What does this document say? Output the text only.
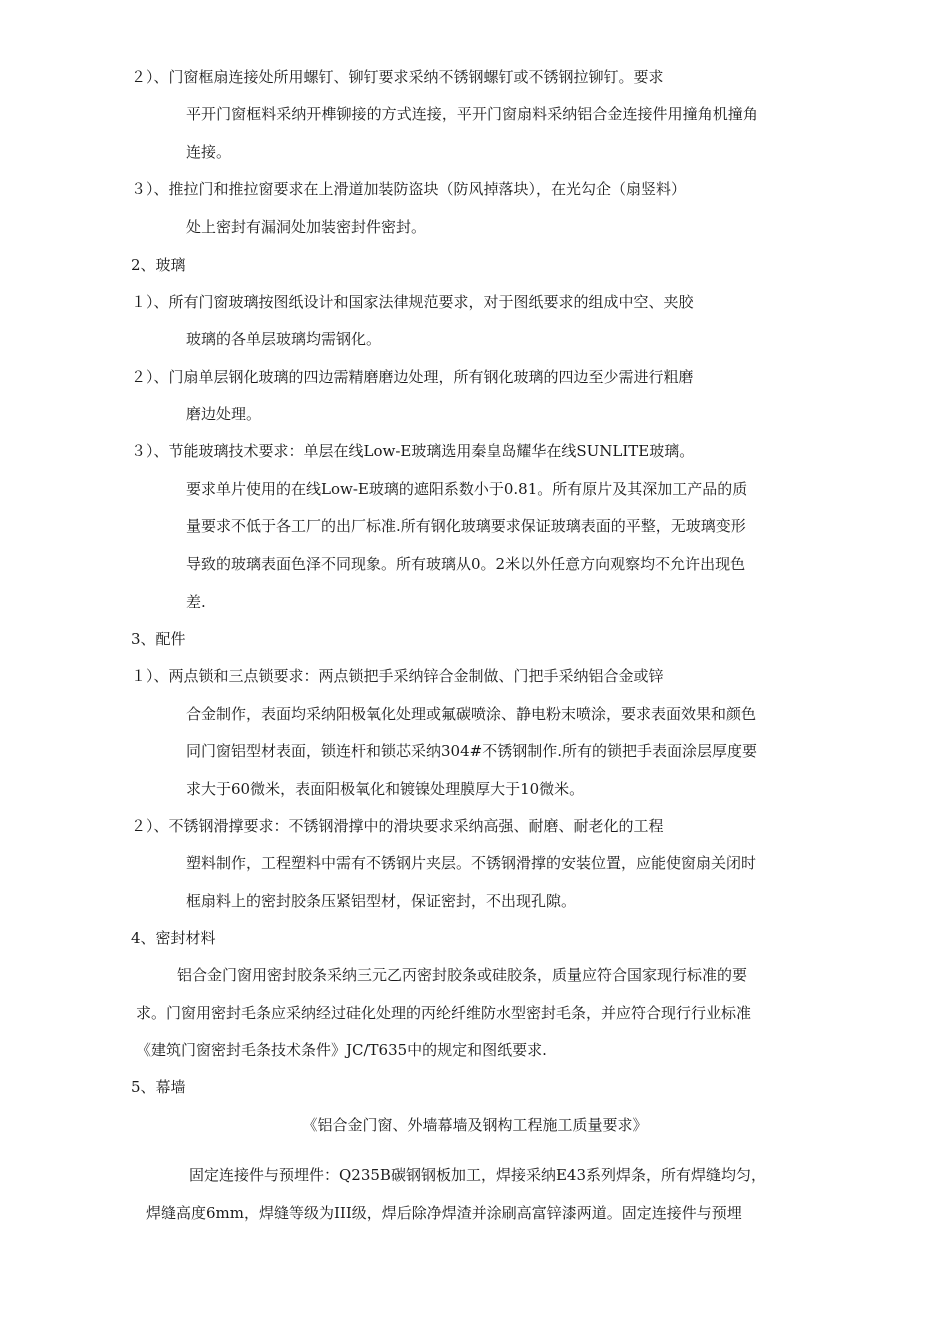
２）、门窗框扇连接处所用螺钉、铆钉要求采纳不锈钢螺钉或不锈钢拉铆钉。要求
平开门窗框料采纳开榫铆接的方式连接，平开门窗扇料采纳铝合金连接件用撞角机撞角
连接。
３）、推拉门和推拉窗要求在上滑道加装防盗块（防风掉落块），在光勾企（扇竖料）
处上密封有漏洞处加装密封件密封。
2、玻璃
１）、所有门窗玻璃按图纸设计和国家法律规范要求，对于图纸要求的组成中空、夹胶
玻璃的各单层玻璃均需钢化。
２）、门扇单层钢化玻璃的四边需精磨磨边处理，所有钢化玻璃的四边至少需进行粗磨
磨边处理。
３）、节能玻璃技术要求：单层在线Low-E玻璃选用秦皇岛耀华在线SUNLITE玻璃。
要求单片使用的在线Low-E玻璃的遮阳系数小于0.81。所有原片及其深加工产品的质
量要求不低于各工厂的出厂标准.所有钢化玻璃要求保证玻璃表面的平整，无玻璃变形
导致的玻璃表面色泽不同现象。所有玻璃从0。2米以外任意方向观察均不允许出现色
差.
3、配件
１）、两点锁和三点锁要求：两点锁把手采纳锌合金制做、门把手采纳铝合金或锌
合金制作，表面均采纳阳极氧化处理或氟碳喷涂、静电粉末喷涂，要求表面效果和颜色
同门窗铝型材表面，锁连杆和锁芯采纳304#不锈钢制作.所有的锁把手表面涂层厚度要
求大于60微米，表面阳极氧化和镀镍处理膜厚大于10微米。
２）、不锈钢滑撑要求：不锈钢滑撑中的滑块要求采纳高强、耐磨、耐老化的工程
塑料制作，工程塑料中需有不锈钢片夹层。不锈钢滑撑的安装位置，应能使窗扇关闭时
框扇料上的密封胶条压紧铝型材，保证密封，不出现孔隙。
4、密封材料
铝合金门窗用密封胶条采纳三元乙丙密封胶条或硅胶条，质量应符合国家现行标准的要
求。门窗用密封毛条应采纳经过硅化处理的丙纶纤维防水型密封毛条，并应符合现行行业标准
《建筑门窗密封毛条技术条件》JC/T635中的规定和图纸要求.
5、幕墙
《铝合金门窗、外墙幕墙及钢构工程施工质量要求》
固定连接件与预埋件：Q235B碳钢钢板加工，焊接采纳E43系列焊条，所有焊缝均匀，
焊缝高度6mm，焊缝等级为III级，焊后除净焊渣并涂刷高富锌漆两道。固定连接件与预埋
